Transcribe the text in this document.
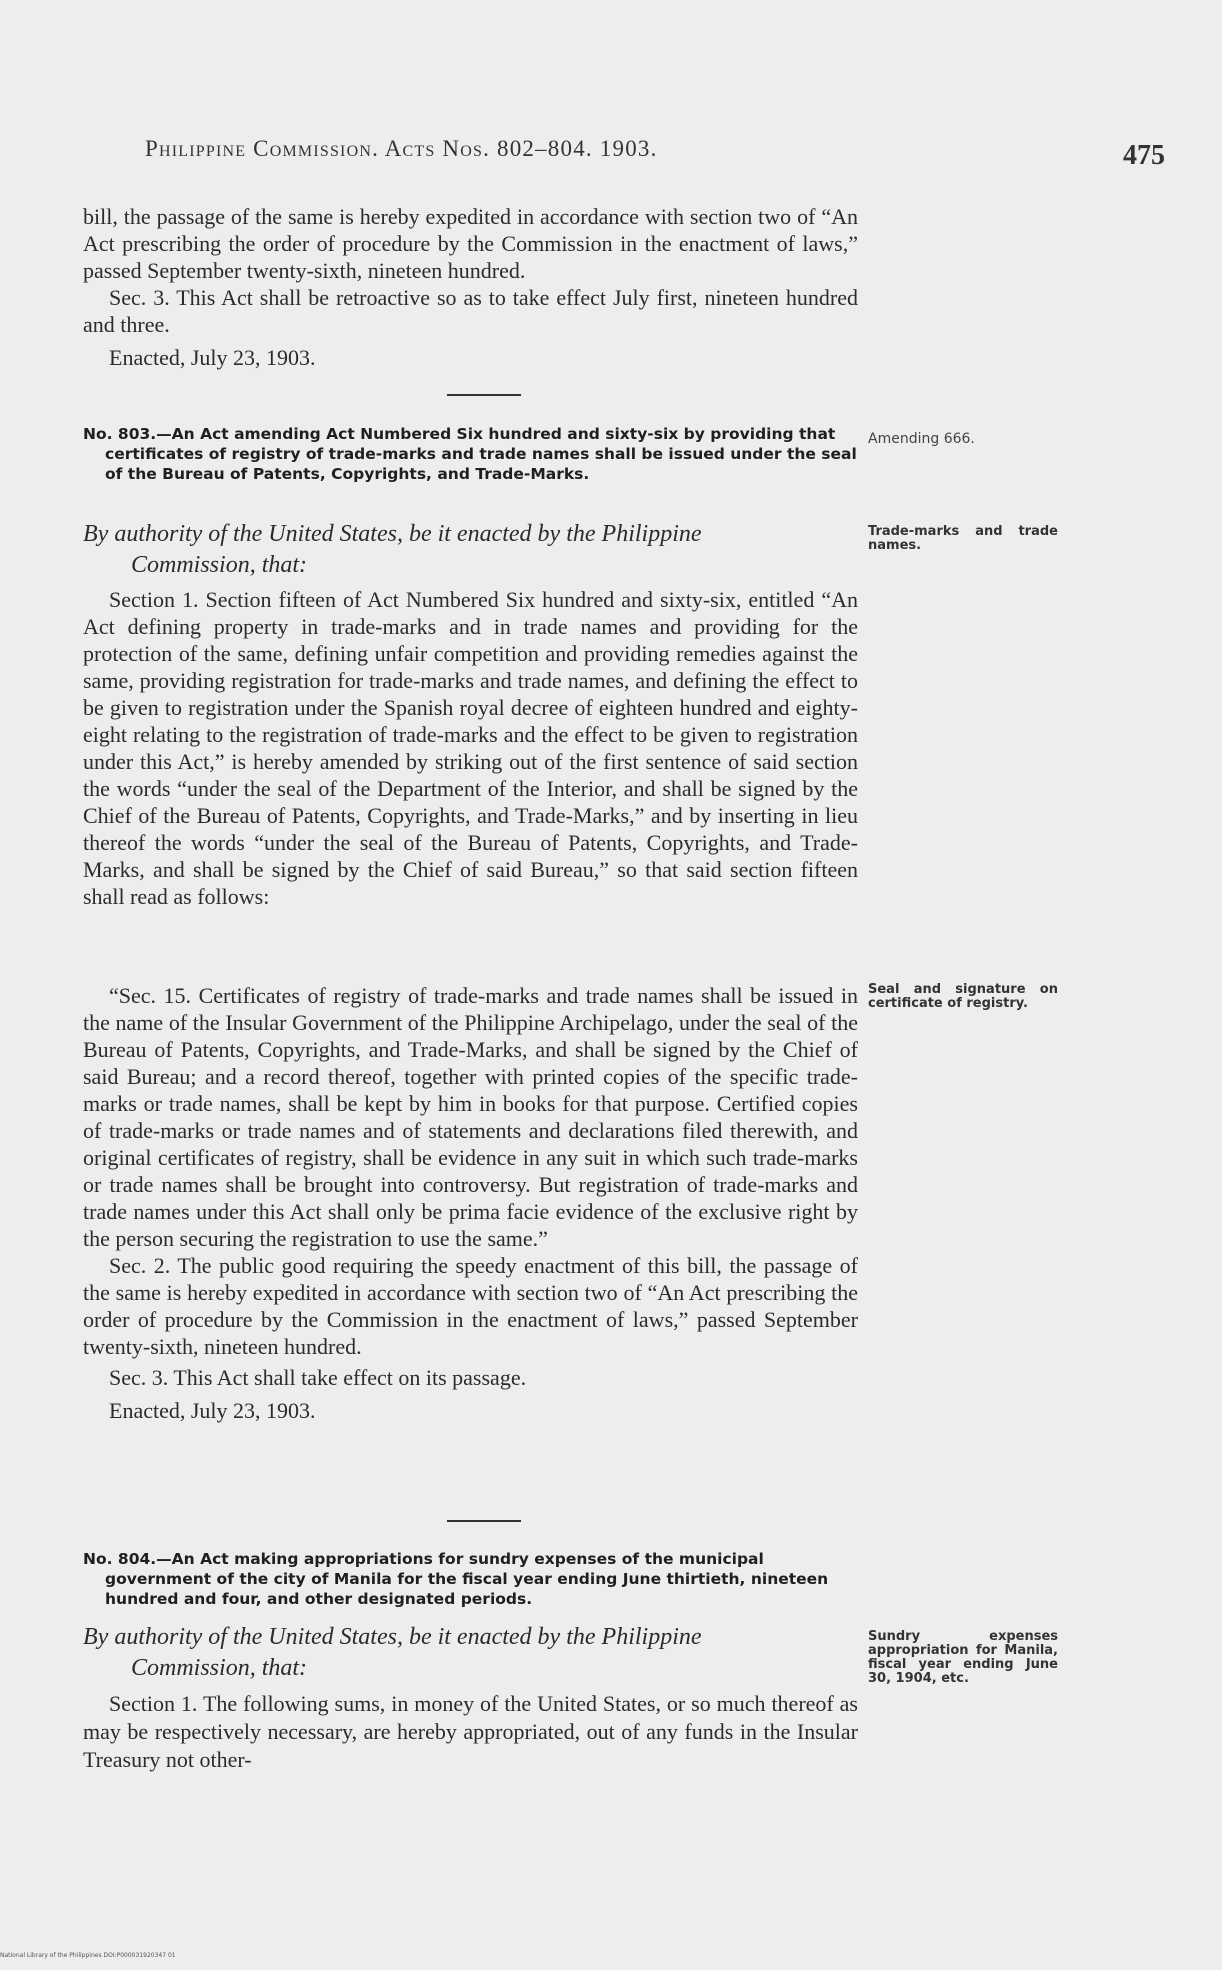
Philippine Commission. Acts Nos. 802–804. 1903.	475

bill, the passage of the same is hereby expedited in accordance with section two of “An Act prescribing the order of procedure by the Commission in the enactment of laws,” passed September twenty-sixth, nineteen hundred.

Sec. 3. This Act shall be retroactive so as to take effect July first, nineteen hundred and three.

Enacted, July 23, 1903.

No. 803.—An Act amending Act Numbered Six hundred and sixty-six by providing that certificates of registry of trade-marks and trade names shall be issued under the seal of the Bureau of Patents, Copyrights, and Trade-Marks.

Amending 666.

By authority of the United States, be it enacted by the Philippine

Commission, that:

Trade-marks and trade names.

Section 1. Section fifteen of Act Numbered Six hundred and sixty-six, entitled “An Act defining property in trade-marks and in trade names and providing for the protection of the same, defining unfair competition and providing remedies against the same, providing registration for trade-marks and trade names, and defining the effect to be given to registration under the Spanish royal decree of eighteen hundred and eighty-eight relating to the registration of trade-marks and the effect to be given to registration under this Act,” is hereby amended by striking out of the first sentence of said section the words “under the seal of the Department of the Interior, and shall be signed by the Chief of the Bureau of Patents, Copyrights, and Trade-Marks,” and by inserting in lieu thereof the words “under the seal of the Bureau of Patents, Copyrights, and Trade-Marks, and shall be signed by the Chief of said Bureau,” so that said section fifteen shall read as follows:

“Sec. 15. Certificates of registry of trade-marks and trade names shall be issued in the name of the Insular Government of the Philippine Archipelago, under the seal of the Bureau of Patents, Copyrights, and Trade-Marks, and shall be signed by the Chief of said Bureau; and a record thereof, together with printed copies of the specific trade-marks or trade names, shall be kept by him in books for that purpose. Certified copies of trade-marks or trade names and of statements and declarations filed therewith, and original certificates of registry, shall be evidence in any suit in which such trade-marks or trade names shall be brought into controversy. But registration of trade-marks and trade names under this Act shall only be prima facie evidence of the exclusive right by the person securing the registration to use the same.”

Sec. 2. The public good requiring the speedy enactment of this bill, the passage of the same is hereby expedited in accordance with section two of “An Act prescribing the order of procedure by the Commission in the enactment of laws,” passed September twenty-sixth, nineteen hundred.

Sec. 3. This Act shall take effect on its passage.

Enacted, July 23, 1903.

Seal and signature on certificate of registry.

No. 804.—An Act making appropriations for sundry expenses of the municipal government of the city of Manila for the fiscal year ending June thirtieth, nineteen hundred and four, and other designated periods.

By authority of the United States, be it enacted by the Philippine

Commission, that:

Sundry expenses appropriation for Manila, fiscal year ending June 30, 1904, etc.

Section 1. The following sums, in money of the United States, or so much thereof as may be respectively necessary, are hereby appropriated, out of any funds in the Insular Treasury not other-

National Library of the Philippines DOI:P000031920347 01
